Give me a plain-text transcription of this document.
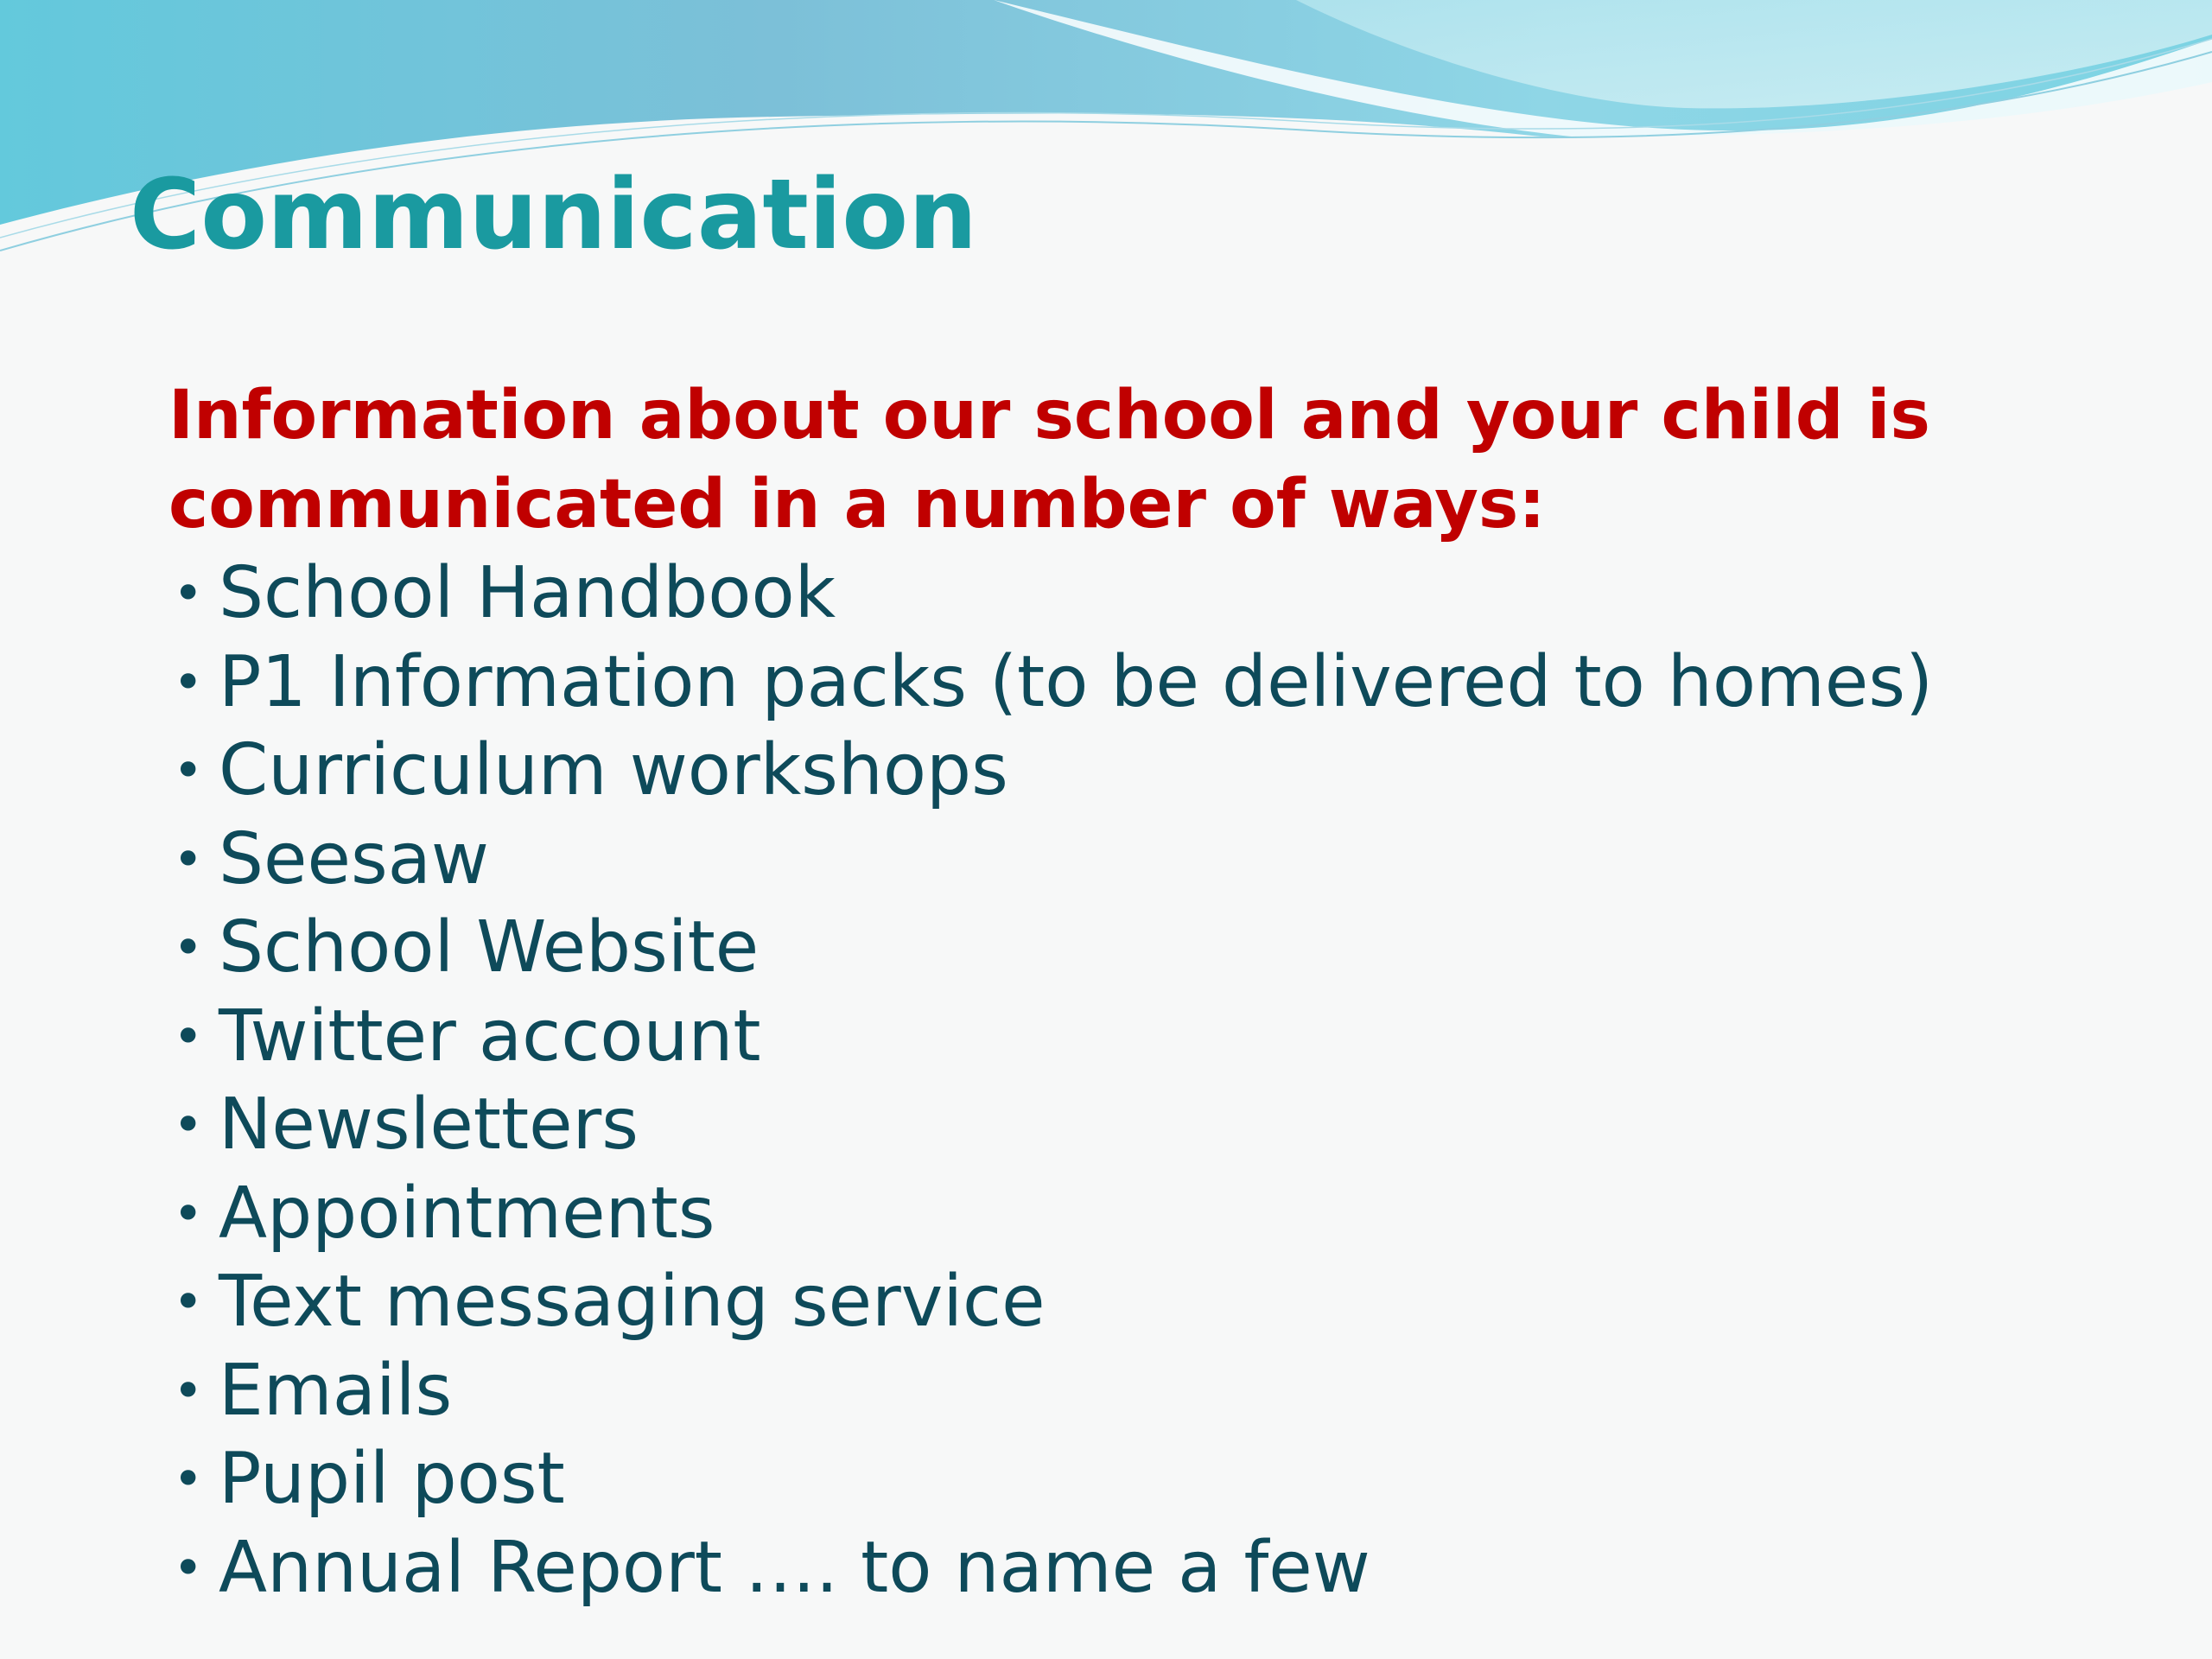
Communication

Information about our school and your child is communicated in a number of ways:

• School Handbook
• P1 Information packs (to be delivered to homes)
• Curriculum workshops
• Seesaw
• School Website
• Twitter account
• Newsletters
• Appointments
• Text messaging service
• Emails
• Pupil post
• Annual Report …. to name a few
